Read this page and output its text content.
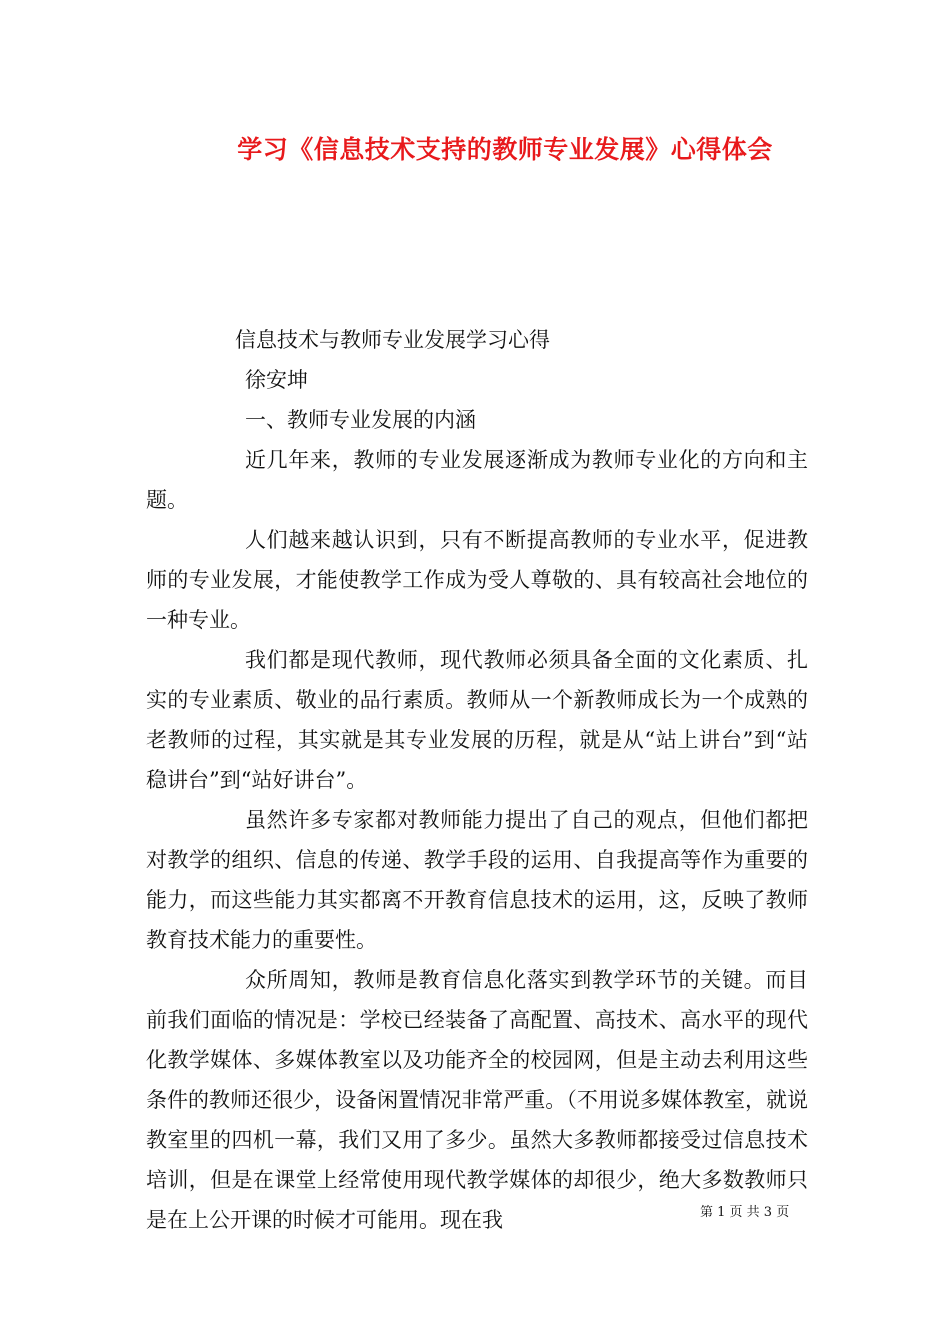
学习《信息技术支持的教师专业发展》心得体会

信息技术与教师专业发展学习心得

徐安坤

一、教师专业发展的内涵

近几年来，教师的专业发展逐渐成为教师专业化的方向和主题。

人们越来越认识到，只有不断提高教师的专业水平，促进教师的专业发展，才能使教学工作成为受人尊敬的、具有较高社会地位的一种专业。

我们都是现代教师，现代教师必须具备全面的文化素质、扎实的专业素质、敬业的品行素质。教师从一个新教师成长为一个成熟的老教师的过程，其实就是其专业发展的历程，就是从“站上讲台”到“站稳讲台”到“站好讲台”。

虽然许多专家都对教师能力提出了自己的观点，但他们都把对教学的组织、信息的传递、教学手段的运用、自我提高等作为重要的能力，而这些能力其实都离不开教育信息技术的运用，这，反映了教师教育技术能力的重要性。

众所周知，教师是教育信息化落实到教学环节的关键。而目前我们面临的情况是：学校已经装备了高配置、高技术、高水平的现代化教学媒体、多媒体教室以及功能齐全的校园网，但是主动去利用这些条件的教师还很少，设备闲置情况非常严重。（不用说多媒体教室，就说教室里的四机一幕，我们又用了多少。虽然大多教师都接受过信息技术培训，但是在课堂上经常使用现代教学媒体的却很少，绝大多数教师只是在上公开课的时候才可能用。现在我	第 1 页 共 3 页
